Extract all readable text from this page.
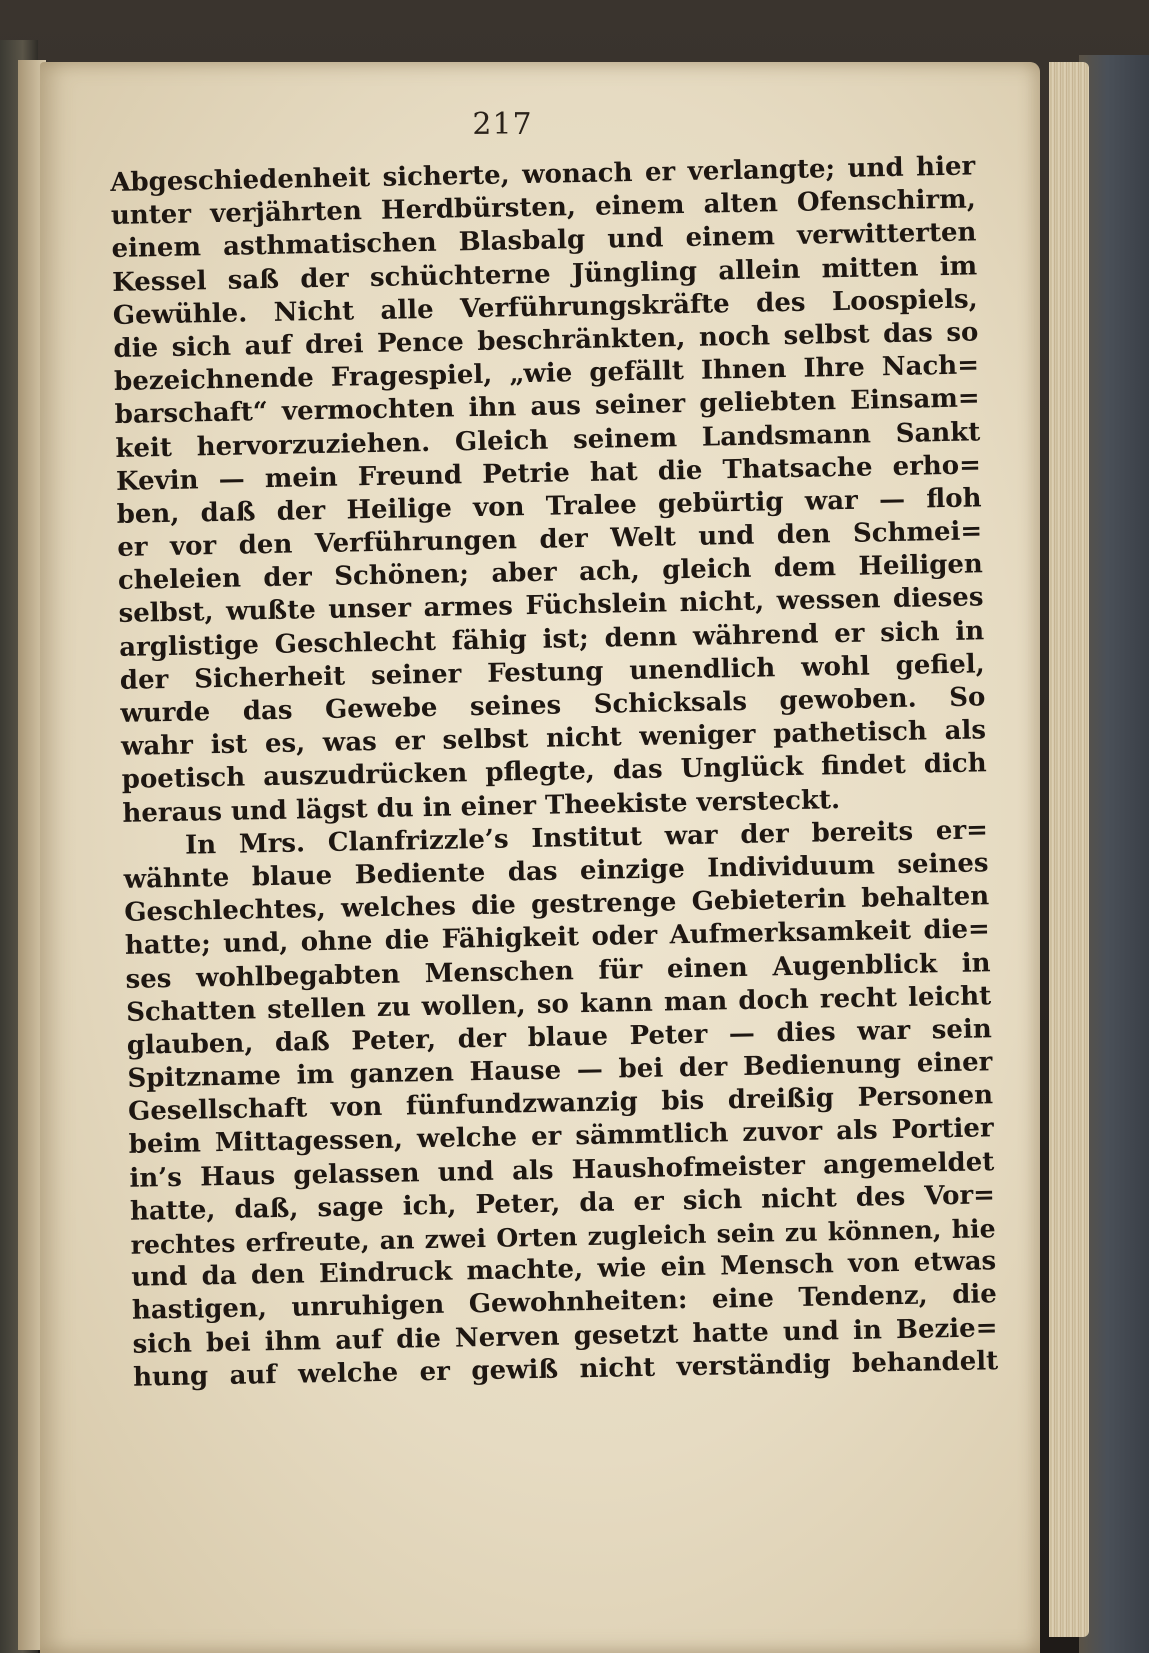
217
Abgeschiedenheit sicherte, wonach er verlangte; und hier
unter verjährten Herdbürsten, einem alten Ofenschirm,
einem asthmatischen Blasbalg und einem verwitterten
Kessel saß der schüchterne Jüngling allein mitten im
Gewühle. Nicht alle Verführungskräfte des Loospiels,
die sich auf drei Pence beschränkten, noch selbst das so
bezeichnende Fragespiel, „wie gefällt Ihnen Ihre Nach=
barschaft“ vermochten ihn aus seiner geliebten Einsam=
keit hervorzuziehen. Gleich seinem Landsmann Sankt
Kevin — mein Freund Petrie hat die Thatsache erho=
ben, daß der Heilige von Tralee gebürtig war — floh
er vor den Verführungen der Welt und den Schmei=
cheleien der Schönen; aber ach, gleich dem Heiligen
selbst, wußte unser armes Füchslein nicht, wessen dieses
arglistige Geschlecht fähig ist; denn während er sich in
der Sicherheit seiner Festung unendlich wohl gefiel,
wurde das Gewebe seines Schicksals gewoben. So
wahr ist es, was er selbst nicht weniger pathetisch als
poetisch auszudrücken pflegte, das Unglück findet dich
heraus und lägst du in einer Theekiste versteckt.
In Mrs. Clanfrizzle’s Institut war der bereits er=
wähnte blaue Bediente das einzige Individuum seines
Geschlechtes, welches die gestrenge Gebieterin behalten
hatte; und, ohne die Fähigkeit oder Aufmerksamkeit die=
ses wohlbegabten Menschen für einen Augenblick in
Schatten stellen zu wollen, so kann man doch recht leicht
glauben, daß Peter, der blaue Peter — dies war sein
Spitzname im ganzen Hause — bei der Bedienung einer
Gesellschaft von fünfundzwanzig bis dreißig Personen
beim Mittagessen, welche er sämmtlich zuvor als Portier
in’s Haus gelassen und als Haushofmeister angemeldet
hatte, daß, sage ich, Peter, da er sich nicht des Vor=
rechtes erfreute, an zwei Orten zugleich sein zu können, hie
und da den Eindruck machte, wie ein Mensch von etwas
hastigen, unruhigen Gewohnheiten: eine Tendenz, die
sich bei ihm auf die Nerven gesetzt hatte und in Bezie=
hung auf welche er gewiß nicht verständig behandelt
